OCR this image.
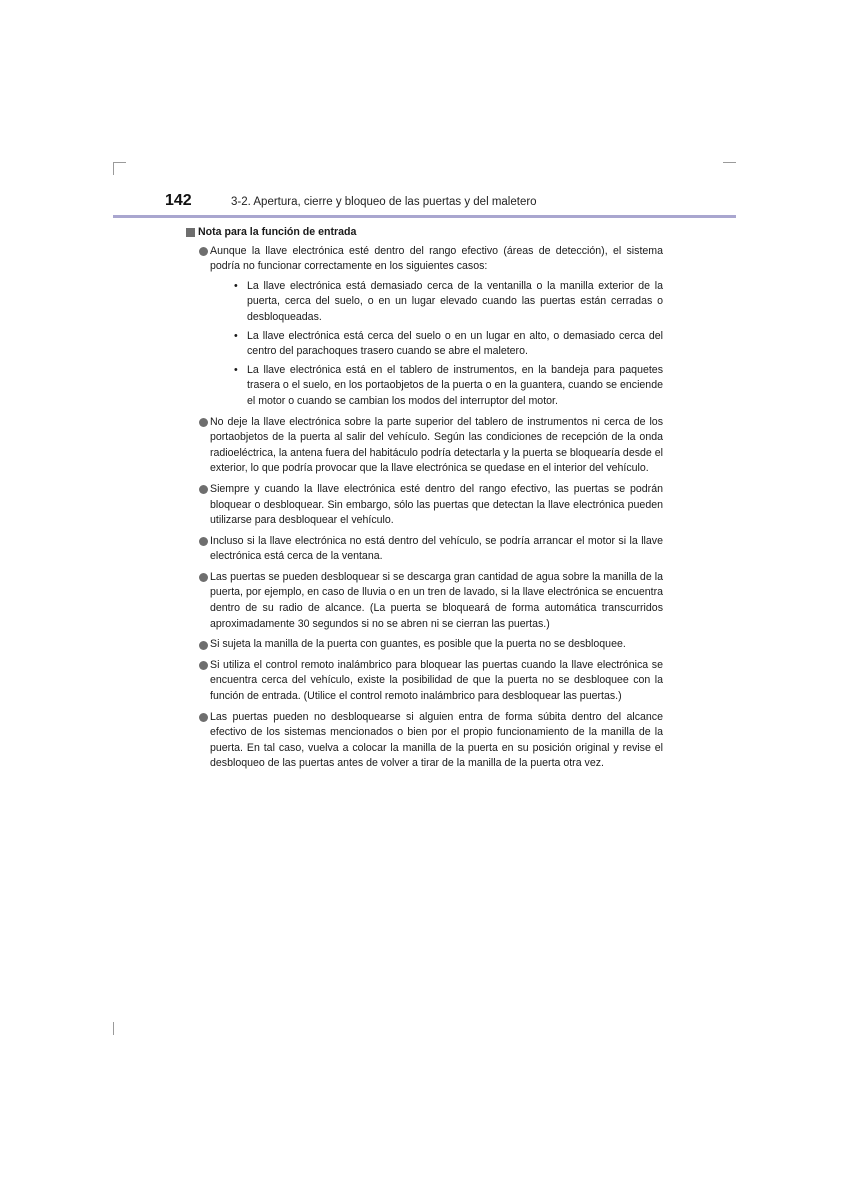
142	3-2. Apertura, cierre y bloqueo de las puertas y del maletero
Nota para la función de entrada
Aunque la llave electrónica esté dentro del rango efectivo (áreas de detección), el sistema podría no funcionar correctamente en los siguientes casos:
• La llave electrónica está demasiado cerca de la ventanilla o la manilla exterior de la puerta, cerca del suelo, o en un lugar elevado cuando las puertas están cerradas o desbloqueadas.
• La llave electrónica está cerca del suelo o en un lugar en alto, o demasiado cerca del centro del parachoques trasero cuando se abre el maletero.
• La llave electrónica está en el tablero de instrumentos, en la bandeja para paquetes trasera o el suelo, en los portaobjetos de la puerta o en la guantera, cuando se enciende el motor o cuando se cambian los modos del interruptor del motor.
No deje la llave electrónica sobre la parte superior del tablero de instrumentos ni cerca de los portaobjetos de la puerta al salir del vehículo. Según las condiciones de recepción de la onda radioeléctrica, la antena fuera del habitáculo podría detectarla y la puerta se bloquearía desde el exterior, lo que podría provocar que la llave electrónica se quedase en el interior del vehículo.
Siempre y cuando la llave electrónica esté dentro del rango efectivo, las puertas se podrán bloquear o desbloquear. Sin embargo, sólo las puertas que detectan la llave electrónica pueden utilizarse para desbloquear el vehículo.
Incluso si la llave electrónica no está dentro del vehículo, se podría arrancar el motor si la llave electrónica está cerca de la ventana.
Las puertas se pueden desbloquear si se descarga gran cantidad de agua sobre la manilla de la puerta, por ejemplo, en caso de lluvia o en un tren de lavado, si la llave electrónica se encuentra dentro de su radio de alcance. (La puerta se bloqueará de forma automática transcurridos aproximadamente 30 segundos si no se abren ni se cierran las puertas.)
Si sujeta la manilla de la puerta con guantes, es posible que la puerta no se desbloquee.
Si utiliza el control remoto inalámbrico para bloquear las puertas cuando la llave electrónica se encuentra cerca del vehículo, existe la posibilidad de que la puerta no se desbloquee con la función de entrada. (Utilice el control remoto inalámbrico para desbloquear las puertas.)
Las puertas pueden no desbloquearse si alguien entra de forma súbita dentro del alcance efectivo de los sistemas mencionados o bien por el propio funcionamiento de la manilla de la puerta. En tal caso, vuelva a colocar la manilla de la puerta en su posición original y revise el desbloqueo de las puertas antes de volver a tirar de la manilla de la puerta otra vez.
